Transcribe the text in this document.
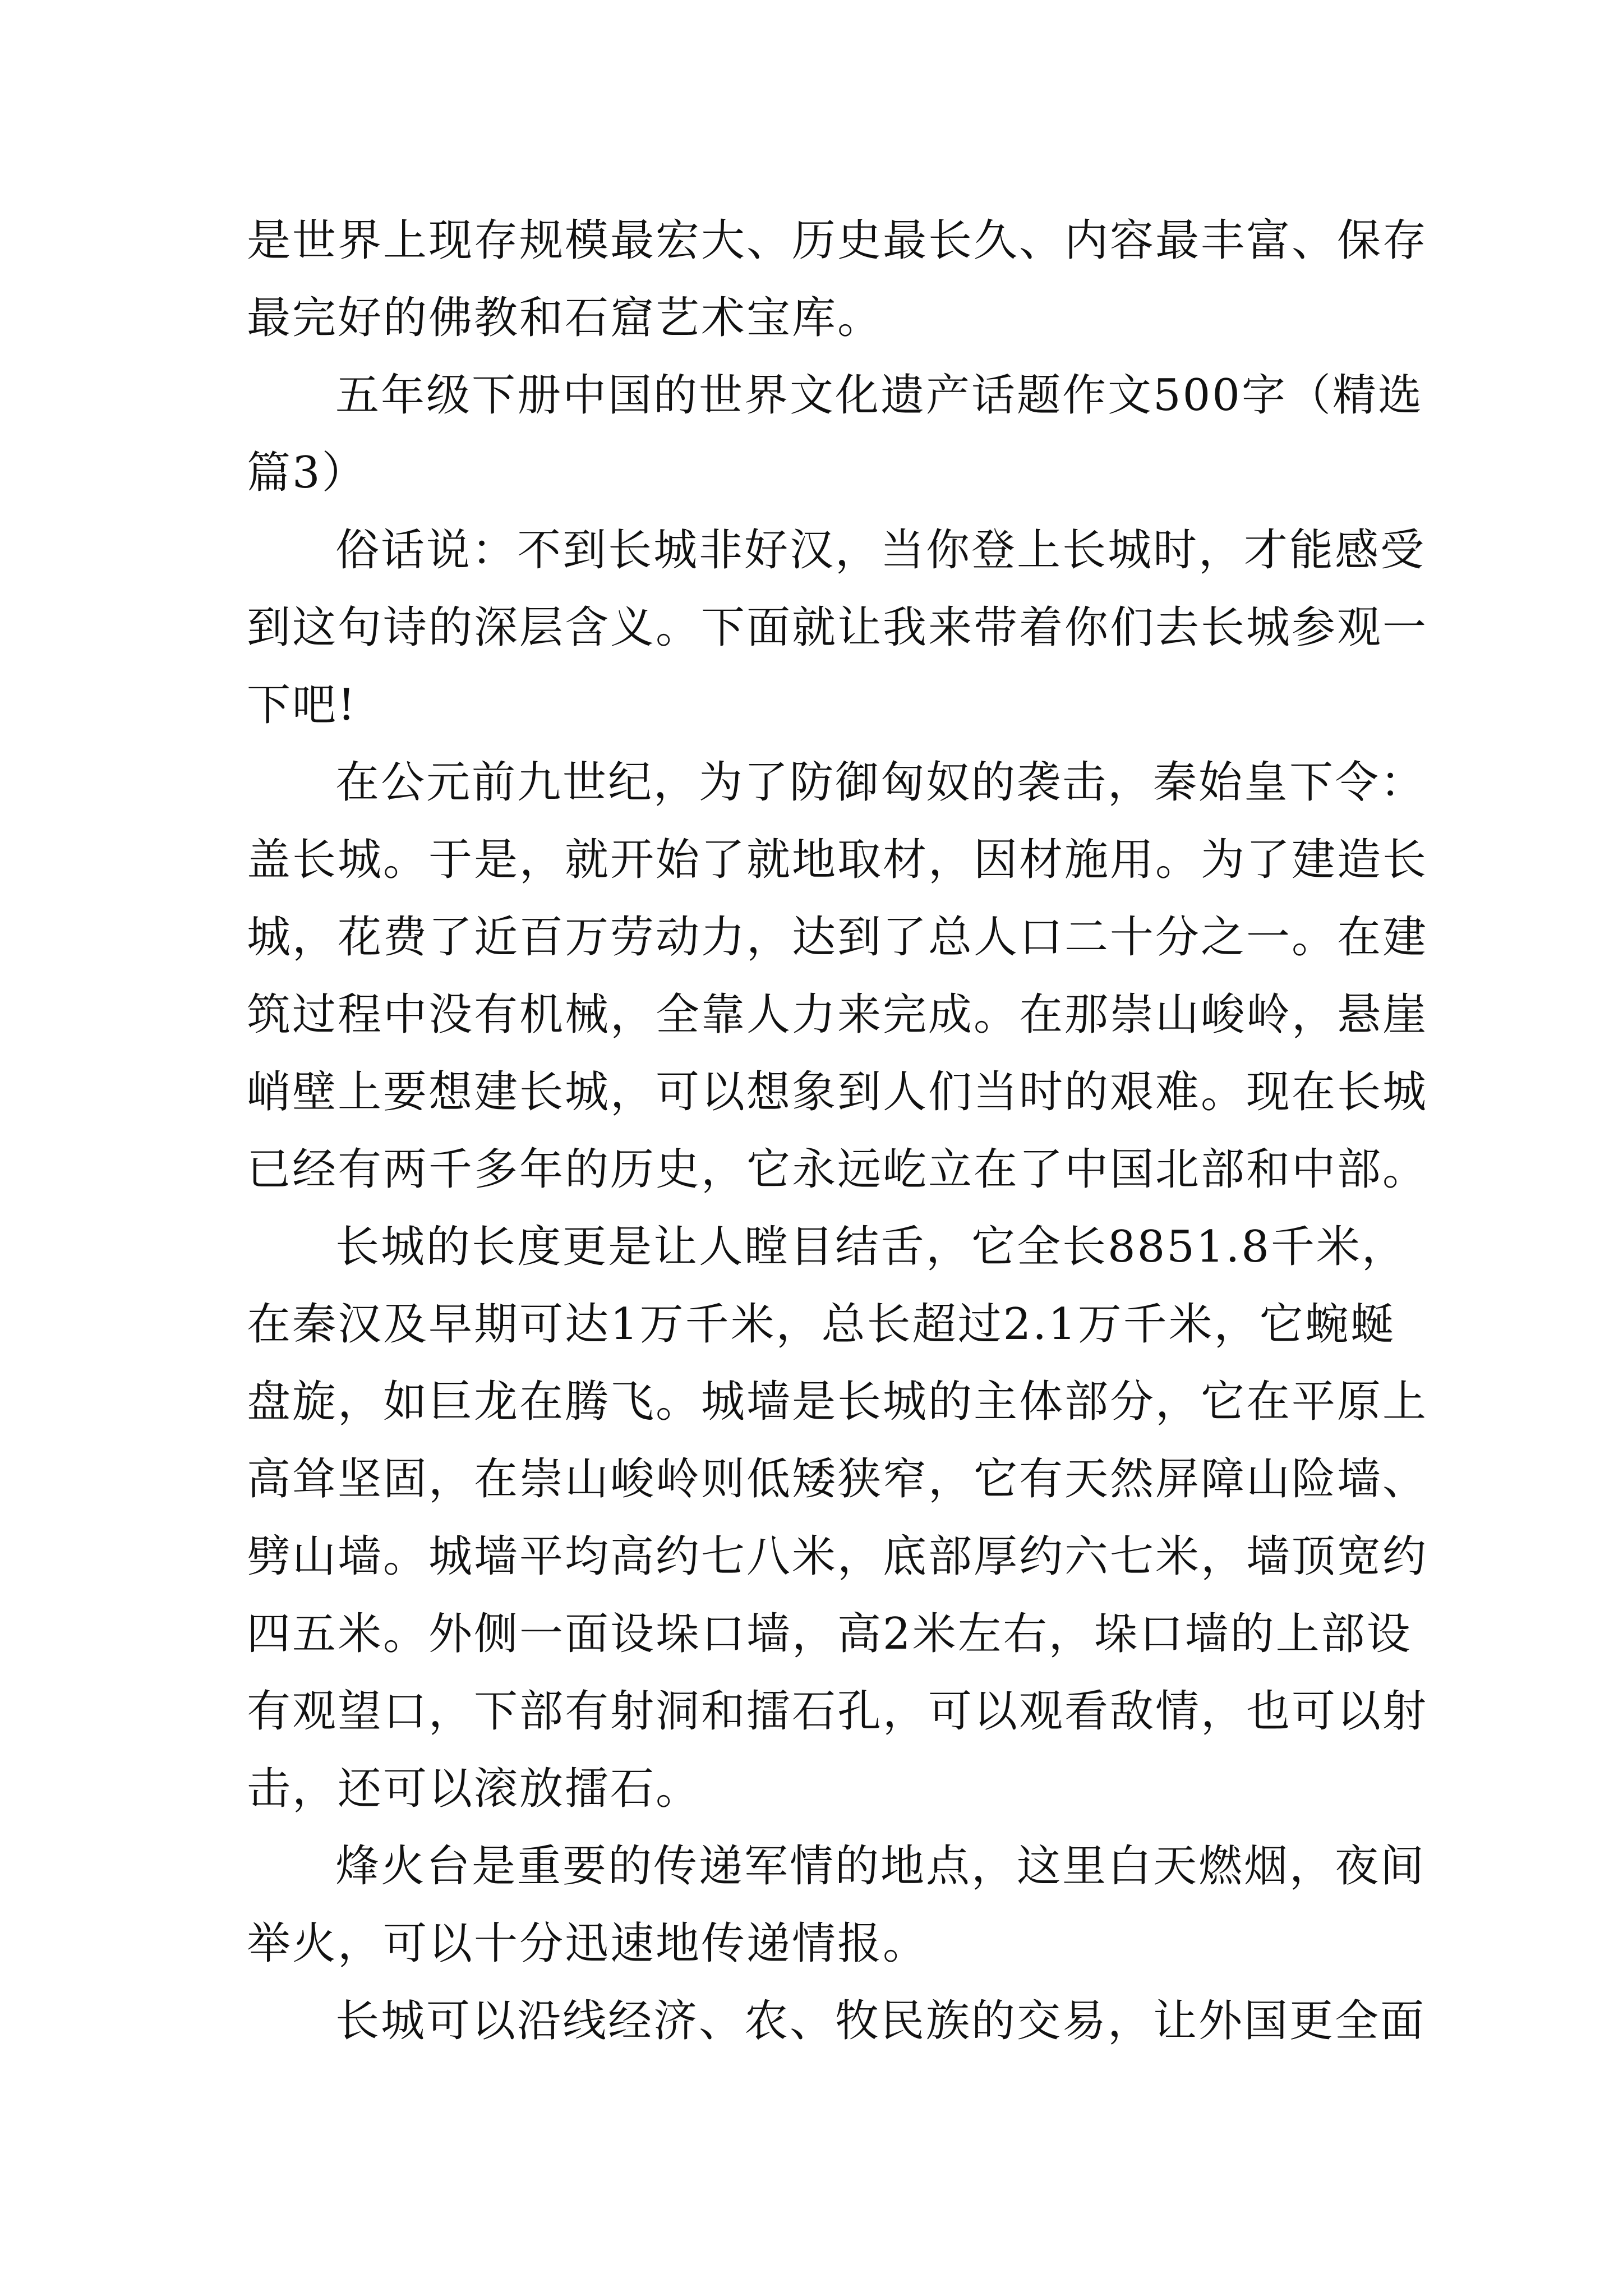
是世界上现存规模最宏大、历史最长久、内容最丰富、保存
最完好的佛教和石窟艺术宝库。
五年级下册中国的世界文化遗产话题作文500字（精选
篇3）
俗话说：不到长城非好汉，当你登上长城时，才能感受
到这句诗的深层含义。下面就让我来带着你们去长城参观一
下吧!
在公元前九世纪，为了防御匈奴的袭击，秦始皇下令：
盖长城。于是，就开始了就地取材，因材施用。为了建造长
城，花费了近百万劳动力，达到了总人口二十分之一。在建
筑过程中没有机械，全靠人力来完成。在那崇山峻岭，悬崖
峭壁上要想建长城，可以想象到人们当时的艰难。现在长城
已经有两千多年的历史，它永远屹立在了中国北部和中部。
长城的长度更是让人瞠目结舌，它全长8851.8千米，
在秦汉及早期可达1万千米，总长超过2.1万千米，它蜿蜒
盘旋，如巨龙在腾飞。城墙是长城的主体部分，它在平原上
高耸坚固，在崇山峻岭则低矮狭窄，它有天然屏障山险墙、
劈山墙。城墙平均高约七八米，底部厚约六七米，墙顶宽约
四五米。外侧一面设垛口墙，高2米左右，垛口墙的上部设
有观望口，下部有射洞和擂石孔，可以观看敌情，也可以射
击，还可以滚放擂石。
烽火台是重要的传递军情的地点，这里白天燃烟，夜间
举火，可以十分迅速地传递情报。
长城可以沿线经济、农、牧民族的交易，让外国更全面
